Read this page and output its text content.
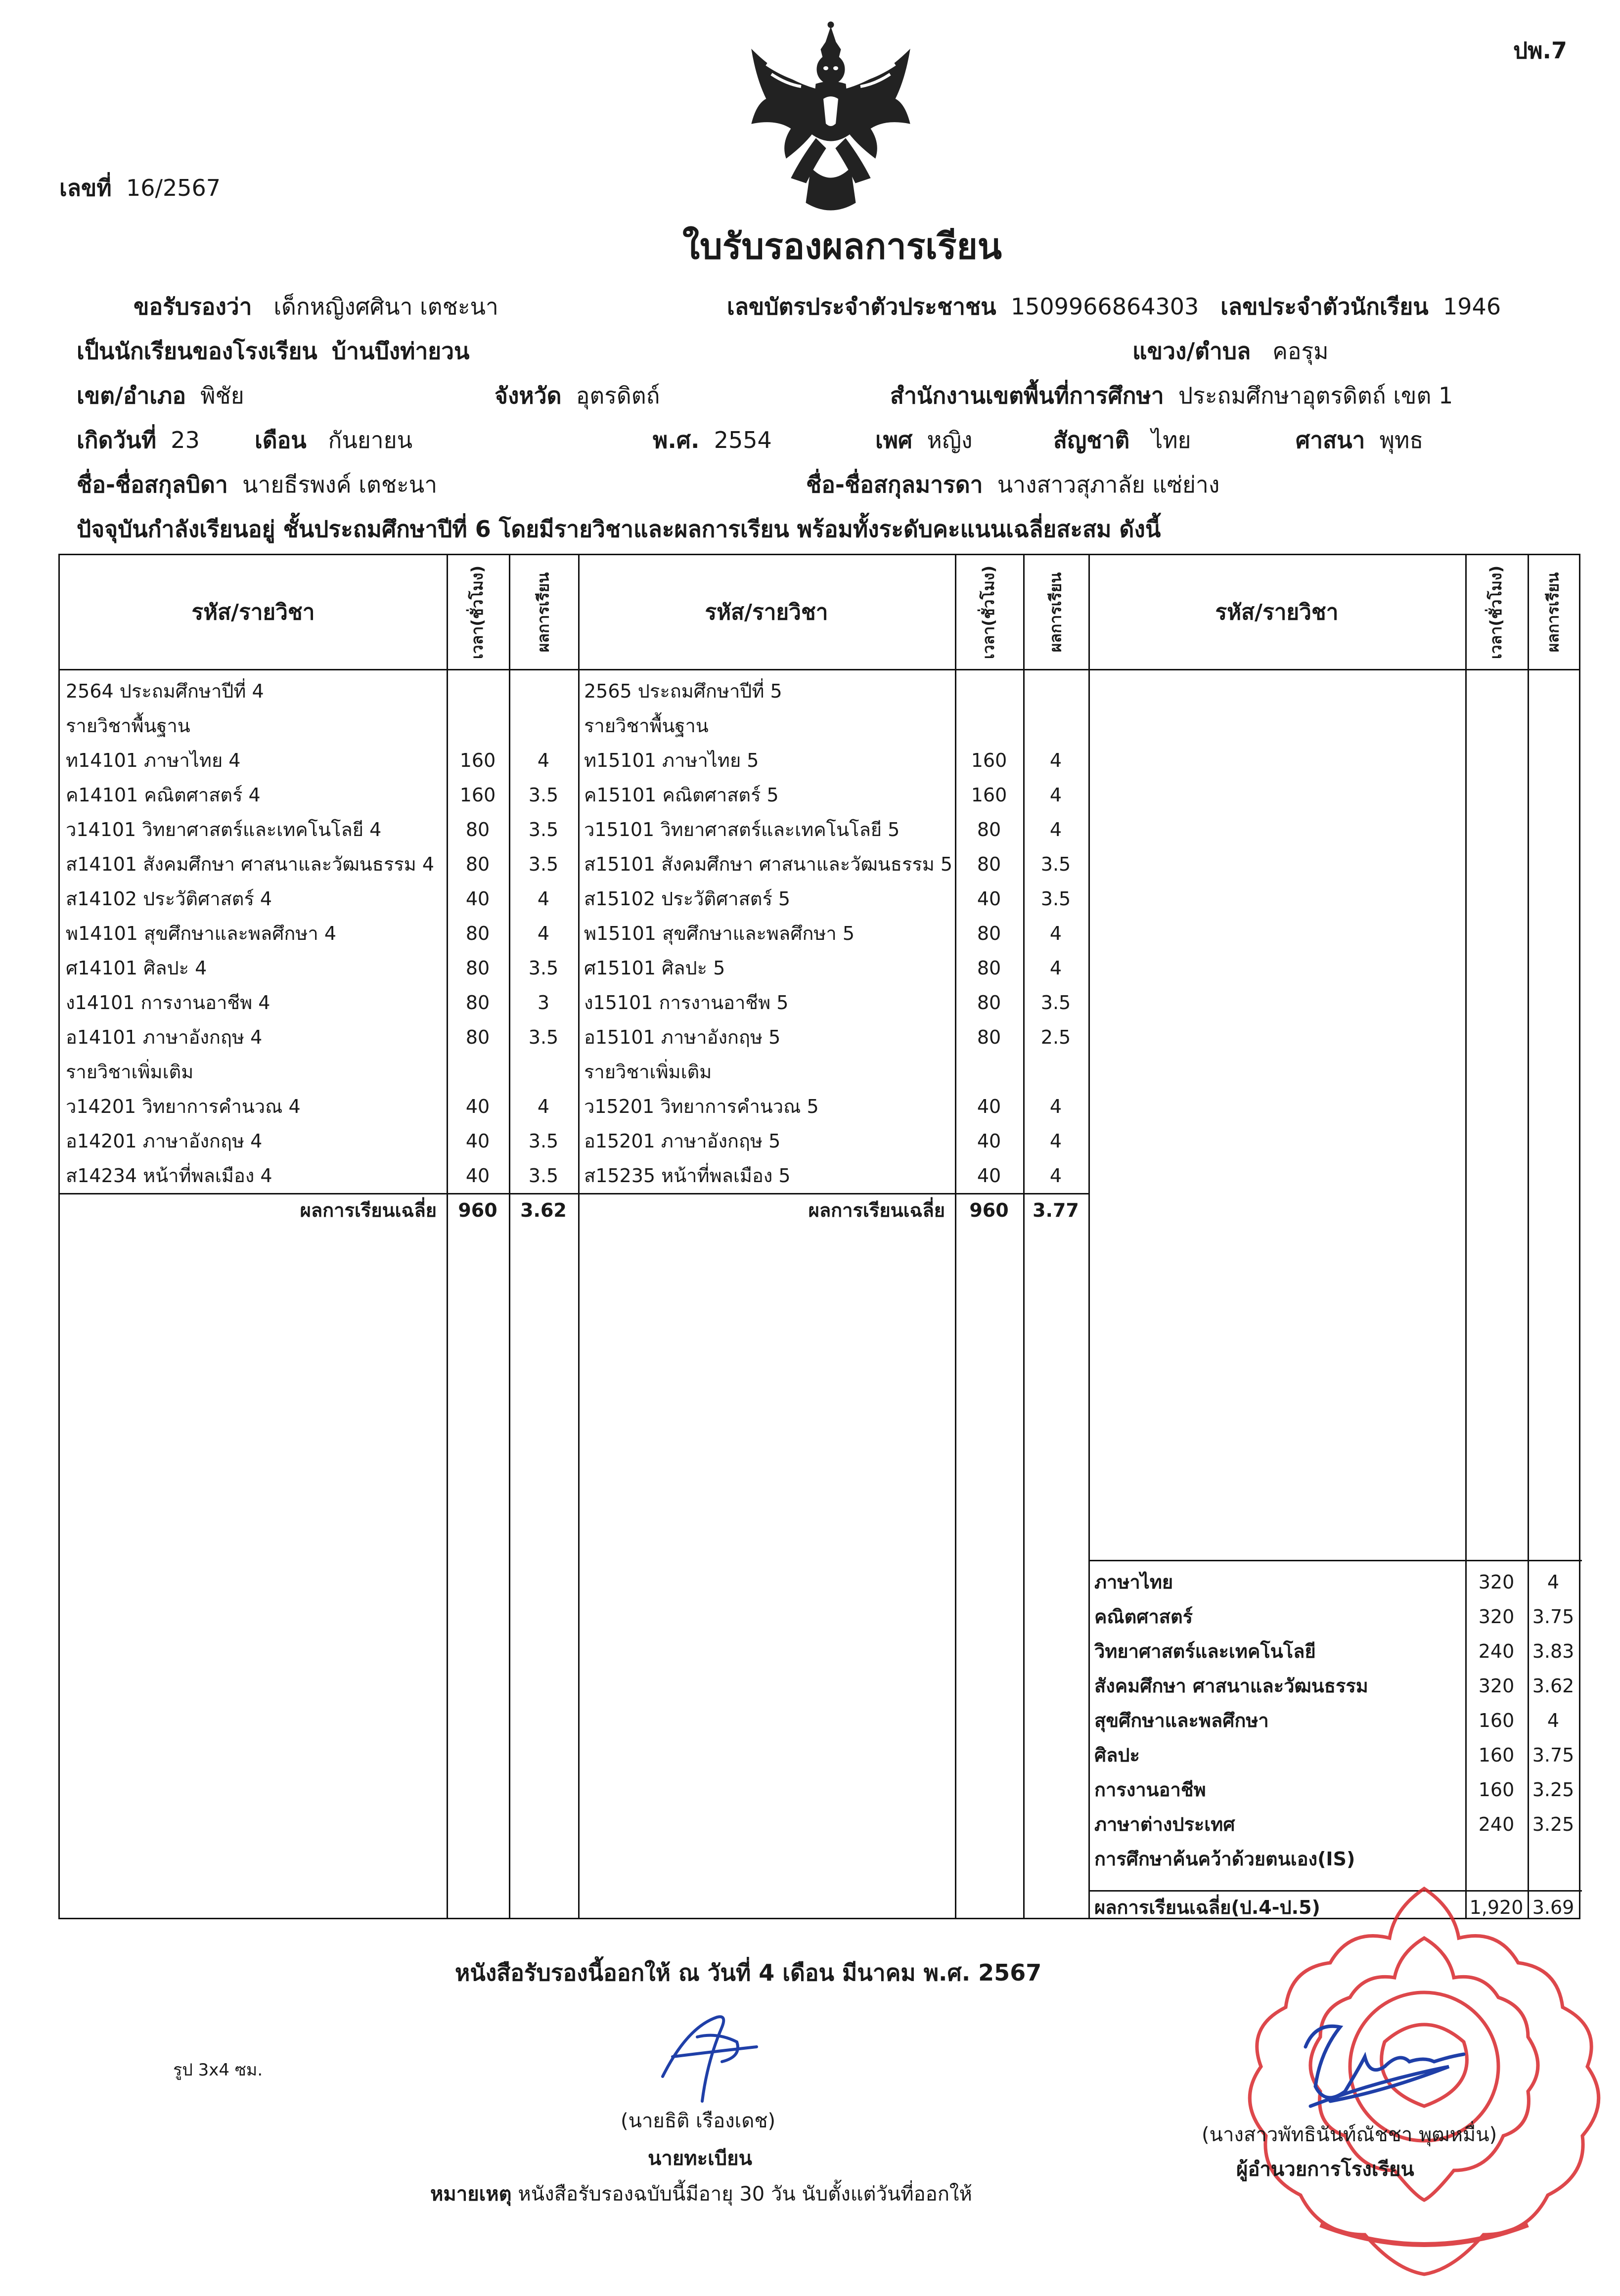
ปพ.7
เลขที่ 16/2567
ใบรับรองผลการเรียน
ขอรับรองว่า เด็กหญิงศศินา เตชะนา	เลขบัตรประจำตัวประชาชน 1509966864303 เลขประจำตัวนักเรียน 1946
เป็นนักเรียนของโรงเรียน บ้านบึงท่ายวน	แขวง/ตำบล คอรุม
เขต/อำเภอ พิชัย	จังหวัด อุตรดิตถ์	สำนักงานเขตพื้นที่การศึกษา ประถมศึกษาอุตรดิตถ์ เขต 1
เกิดวันที่ 23 เดือน กันยายน	พ.ศ. 2554	เพศ หญิง	สัญชาติ ไทย	ศาสนา พุทธ
ชื่อ-ชื่อสกุลบิดา นายธีรพงค์ เตชะนา	ชื่อ-ชื่อสกุลมารดา นางสาวสุภาลัย แซ่ย่าง
ปัจจุบันกำลังเรียนอยู่ ชั้นประถมศึกษาปีที่ 6 โดยมีรายวิชาและผลการเรียน พร้อมทั้งระดับคะแนนเฉลี่ยสะสม ดังนี้
รหัส/รายวิชา	เวลา(ชั่วโมง)	ผลการเรียน	รหัส/รายวิชา	เวลา(ชั่วโมง)	ผลการเรียน	รหัส/รายวิชา	เวลา(ชั่วโมง) ผลการเรียน
2564 ประถมศึกษาปีที่ 4
รายวิชาพื้นฐาน
ท14101 ภาษาไทย 4	160	4
ค14101 คณิตศาสตร์ 4	160	3.5
ว14101 วิทยาศาสตร์และเทคโนโลยี 4	80	3.5
ส14101 สังคมศึกษา ศาสนาและวัฒนธรรม 4	80	3.5
ส14102 ประวัติศาสตร์ 4	40	4
พ14101 สุขศึกษาและพลศึกษา 4	80	4
ศ14101 ศิลปะ 4	80	3.5
ง14101 การงานอาชีพ 4	80	3
อ14101 ภาษาอังกฤษ 4	80	3.5
รายวิชาเพิ่มเติม
ว14201 วิทยาการคำนวณ 4	40	4
อ14201 ภาษาอังกฤษ 4	40	3.5
ส14234 หน้าที่พลเมือง 4	40	3.5
ผลการเรียนเฉลี่ย	960	3.62
2565 ประถมศึกษาปีที่ 5
รายวิชาพื้นฐาน
ท15101 ภาษาไทย 5	160	4
ค15101 คณิตศาสตร์ 5	160	4
ว15101 วิทยาศาสตร์และเทคโนโลยี 5	80	4
ส15101 สังคมศึกษา ศาสนาและวัฒนธรรม 5	80	3.5
ส15102 ประวัติศาสตร์ 5	40	3.5
พ15101 สุขศึกษาและพลศึกษา 5	80	4
ศ15101 ศิลปะ 5	80	4
ง15101 การงานอาชีพ 5	80	3.5
อ15101 ภาษาอังกฤษ 5	80	2.5
รายวิชาเพิ่มเติม
ว15201 วิทยาการคำนวณ 5	40	4
อ15201 ภาษาอังกฤษ 5	40	4
ส15235 หน้าที่พลเมือง 5	40	4
ผลการเรียนเฉลี่ย	960	3.77
ภาษาไทย	320	4
คณิตศาสตร์	320 3.75
วิทยาศาสตร์และเทคโนโลยี	240 3.83
สังคมศึกษา ศาสนาและวัฒนธรรม	320 3.62
สุขศึกษาและพลศึกษา	160	4
ศิลปะ	160 3.75
การงานอาชีพ	160 3.25
ภาษาต่างประเทศ	240 3.25
การศึกษาค้นคว้าด้วยตนเอง(IS)
ผลการเรียนเฉลี่ย(ป.4-ป.5)	1,920 3.69
หนังสือรับรองนี้ออกให้ ณ วันที่ 4 เดือน มีนาคม พ.ศ. 2567
รูป 3x4 ซม.
(นายธิติ เรืองเดช)
นายทะเบียน
หมายเหตุ หนังสือรับรองฉบับนี้มีอายุ 30 วัน นับตั้งแต่วันที่ออกให้
(นางสาวพัทธินันท์ณัชชา พุฒหมื่น)
ผู้อำนวยการโรงเรียน
